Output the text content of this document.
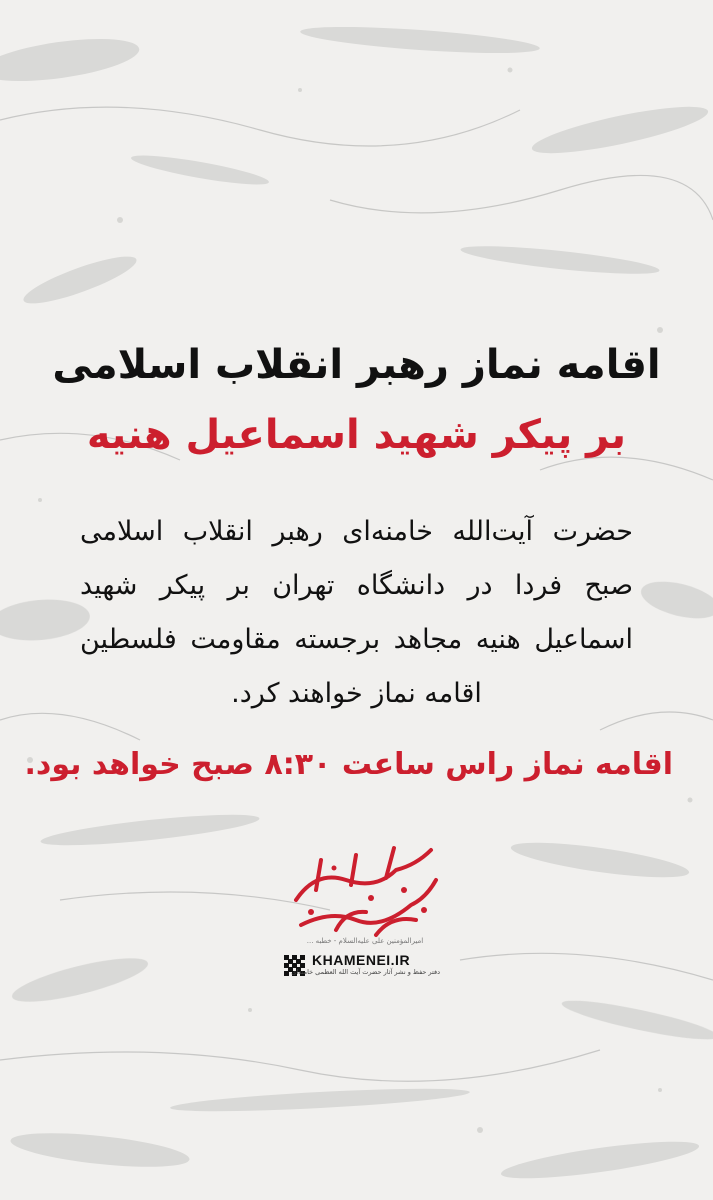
اقامه نماز رهبر انقلاب اسلامی
بر پیکر شهید اسماعیل هنیه
حضرت آیت‌الله خامنه‌ای رهبر انقلاب اسلامی صبح فردا در دانشگاه تهران بر پیکر شهید اسماعیل هنیه مجاهد برجسته مقاومت فلسطین اقامه نماز خواهند کرد.
اقامه نماز راس ساعت ۸:۳۰ صبح خواهد بود.
امیرالمؤمنین علی علیه‌السلام - خطبه ...
KHAMENEI.IR
دفتر حفظ و نشر آثار حضرت آیت الله العظمی خامنه‌ای
